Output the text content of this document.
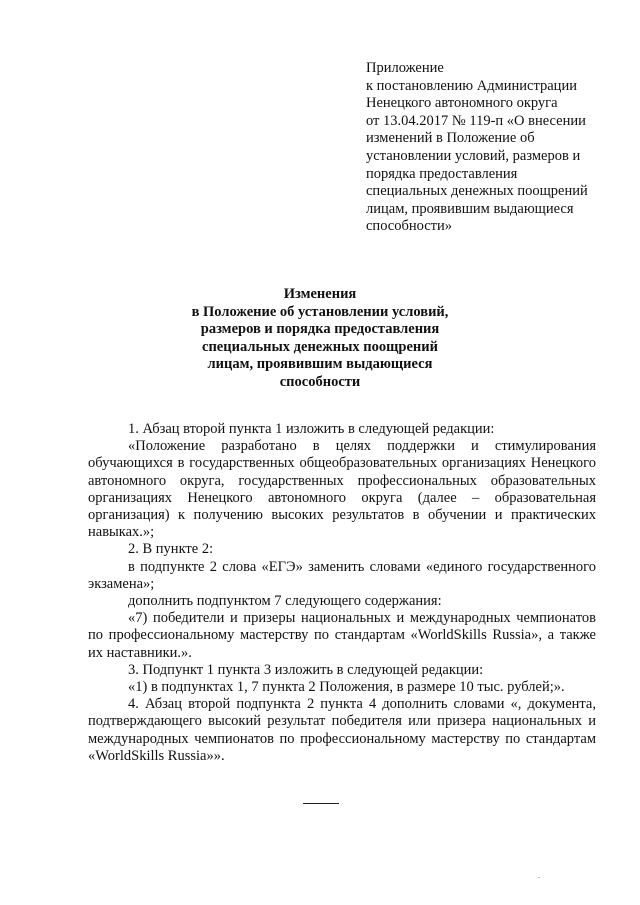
Приложение
к постановлению Администрации
Ненецкого автономного округа
от 13.04.2017 № 119-п «О внесении
изменений в Положение об
установлении условий, размеров и
порядка предоставления
специальных денежных поощрений
лицам, проявившим выдающиеся
способности»
Изменения
в Положение об установлении условий,
размеров и порядка предоставления
специальных денежных поощрений
лицам, проявившим выдающиеся
способности

1. Абзац второй пункта 1 изложить в следующей редакции:

«Положение разработано в целях поддержки и стимулирования обучающихся в государственных общеобразовательных организациях Ненецкого автономного округа, государственных профессиональных образовательных организациях Ненецкого автономного округа (далее – образовательная организация) к получению высоких результатов в обучении и практических навыках.»;

2. В пункте 2:

в подпункте 2 слова «ЕГЭ» заменить словами «единого государственного экзамена»;

дополнить подпунктом 7 следующего содержания:

«7) победители и призеры национальных и международных чемпионатов по профессиональному мастерству по стандартам «WorldSkills Russia», а также их наставники.».

3. Подпункт 1 пункта 3 изложить в следующей редакции:

«1) в подпунктах 1, 7 пункта 2 Положения, в размере 10 тыс. рублей;».

4. Абзац второй подпункта 2 пункта 4 дополнить словами «, документа, подтверждающего высокий результат победителя или призера национальных и международных чемпионатов по профессиональному мастерству по стандартам «WorldSkills Russia»».
